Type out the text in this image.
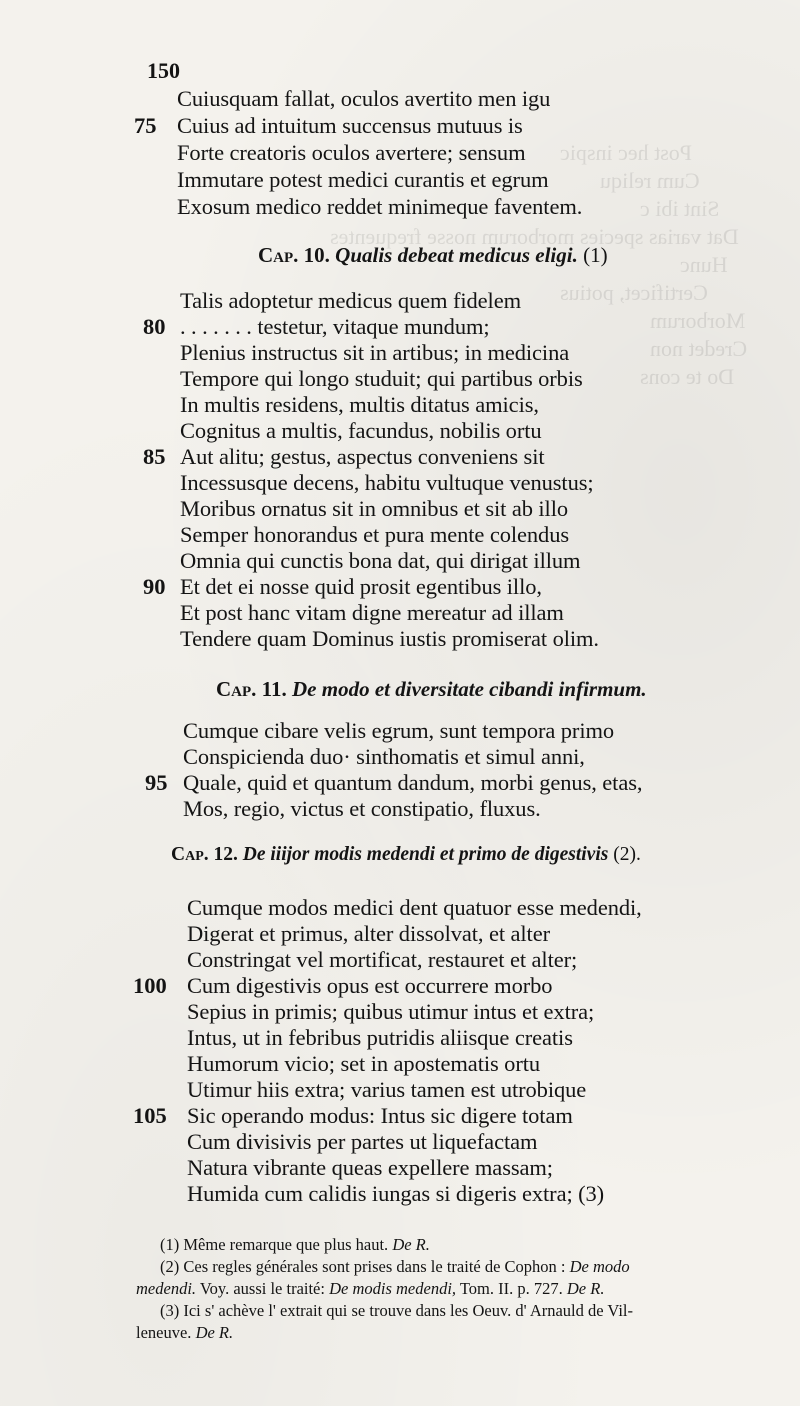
Post hec inspic
Cum reliqu
Sint ibi c
Dat varias species morborum nosse frequentes
Hunc
Certificet, potius
Morborum
Credet non
Do te cons
150
Cuiusquam fallat, oculos avertito men igu
75 Cuius ad intuitum succensus mutuus is
Forte creatoris oculos avertere; sensum
Immutare potest medici curantis et egrum
Exosum medico reddet minimeque faventem.
Cap. 10. Qualis debeat medicus eligi. (1)
Talis adoptetur medicus quem fidelem
80 . . . . . . . testetur, vitaque mundum;
Plenius instructus sit in artibus; in medicina
Tempore qui longo studuit; qui partibus orbis
In multis residens, multis ditatus amicis,
Cognitus a multis, facundus, nobilis ortu
85 Aut alitu; gestus, aspectus conveniens sit
Incessusque decens, habitu vultuque venustus;
Moribus ornatus sit in omnibus et sit ab illo
Semper honorandus et pura mente colendus
Omnia qui cunctis bona dat, qui dirigat illum
90 Et det ei nosse quid prosit egentibus illo,
Et post hanc vitam digne mereatur ad illam
Tendere quam Dominus iustis promiserat olim.
Cap. 11. De modo et diversitate cibandi infirmum.
Cumque cibare velis egrum, sunt tempora primo
Conspicienda duo· sinthomatis et simul anni,
95 Quale, quid et quantum dandum, morbi genus, etas,
Mos, regio, victus et constipatio, fluxus.
Cap. 12. De iiijor modis medendi et primo de digestivis (2).
Cumque modos medici dent quatuor esse medendi,
Digerat et primus, alter dissolvat, et alter
Constringat vel mortificat, restauret et alter;
100 Cum digestivis opus est occurrere morbo
Sepius in primis; quibus utimur intus et extra;
Intus, ut in febribus putridis aliisque creatis
Humorum vicio; set in apostematis ortu
Utimur hiis extra; varius tamen est utrobique
105 Sic operando modus: Intus sic digere totam
Cum divisivis per partes ut liquefactam
Natura vibrante queas expellere massam;
Humida cum calidis iungas si digeris extra; (3)
(1) Même remarque que plus haut. De R.
(2) Ces regles générales sont prises dans le traité de Cophon : De modo
medendi. Voy. aussi le traité: De modis medendi, Tom. II. p. 727. De R.
(3) Ici s' achève l' extrait qui se trouve dans les Oeuv. d' Arnauld de Vil-
leneuve. De R.
